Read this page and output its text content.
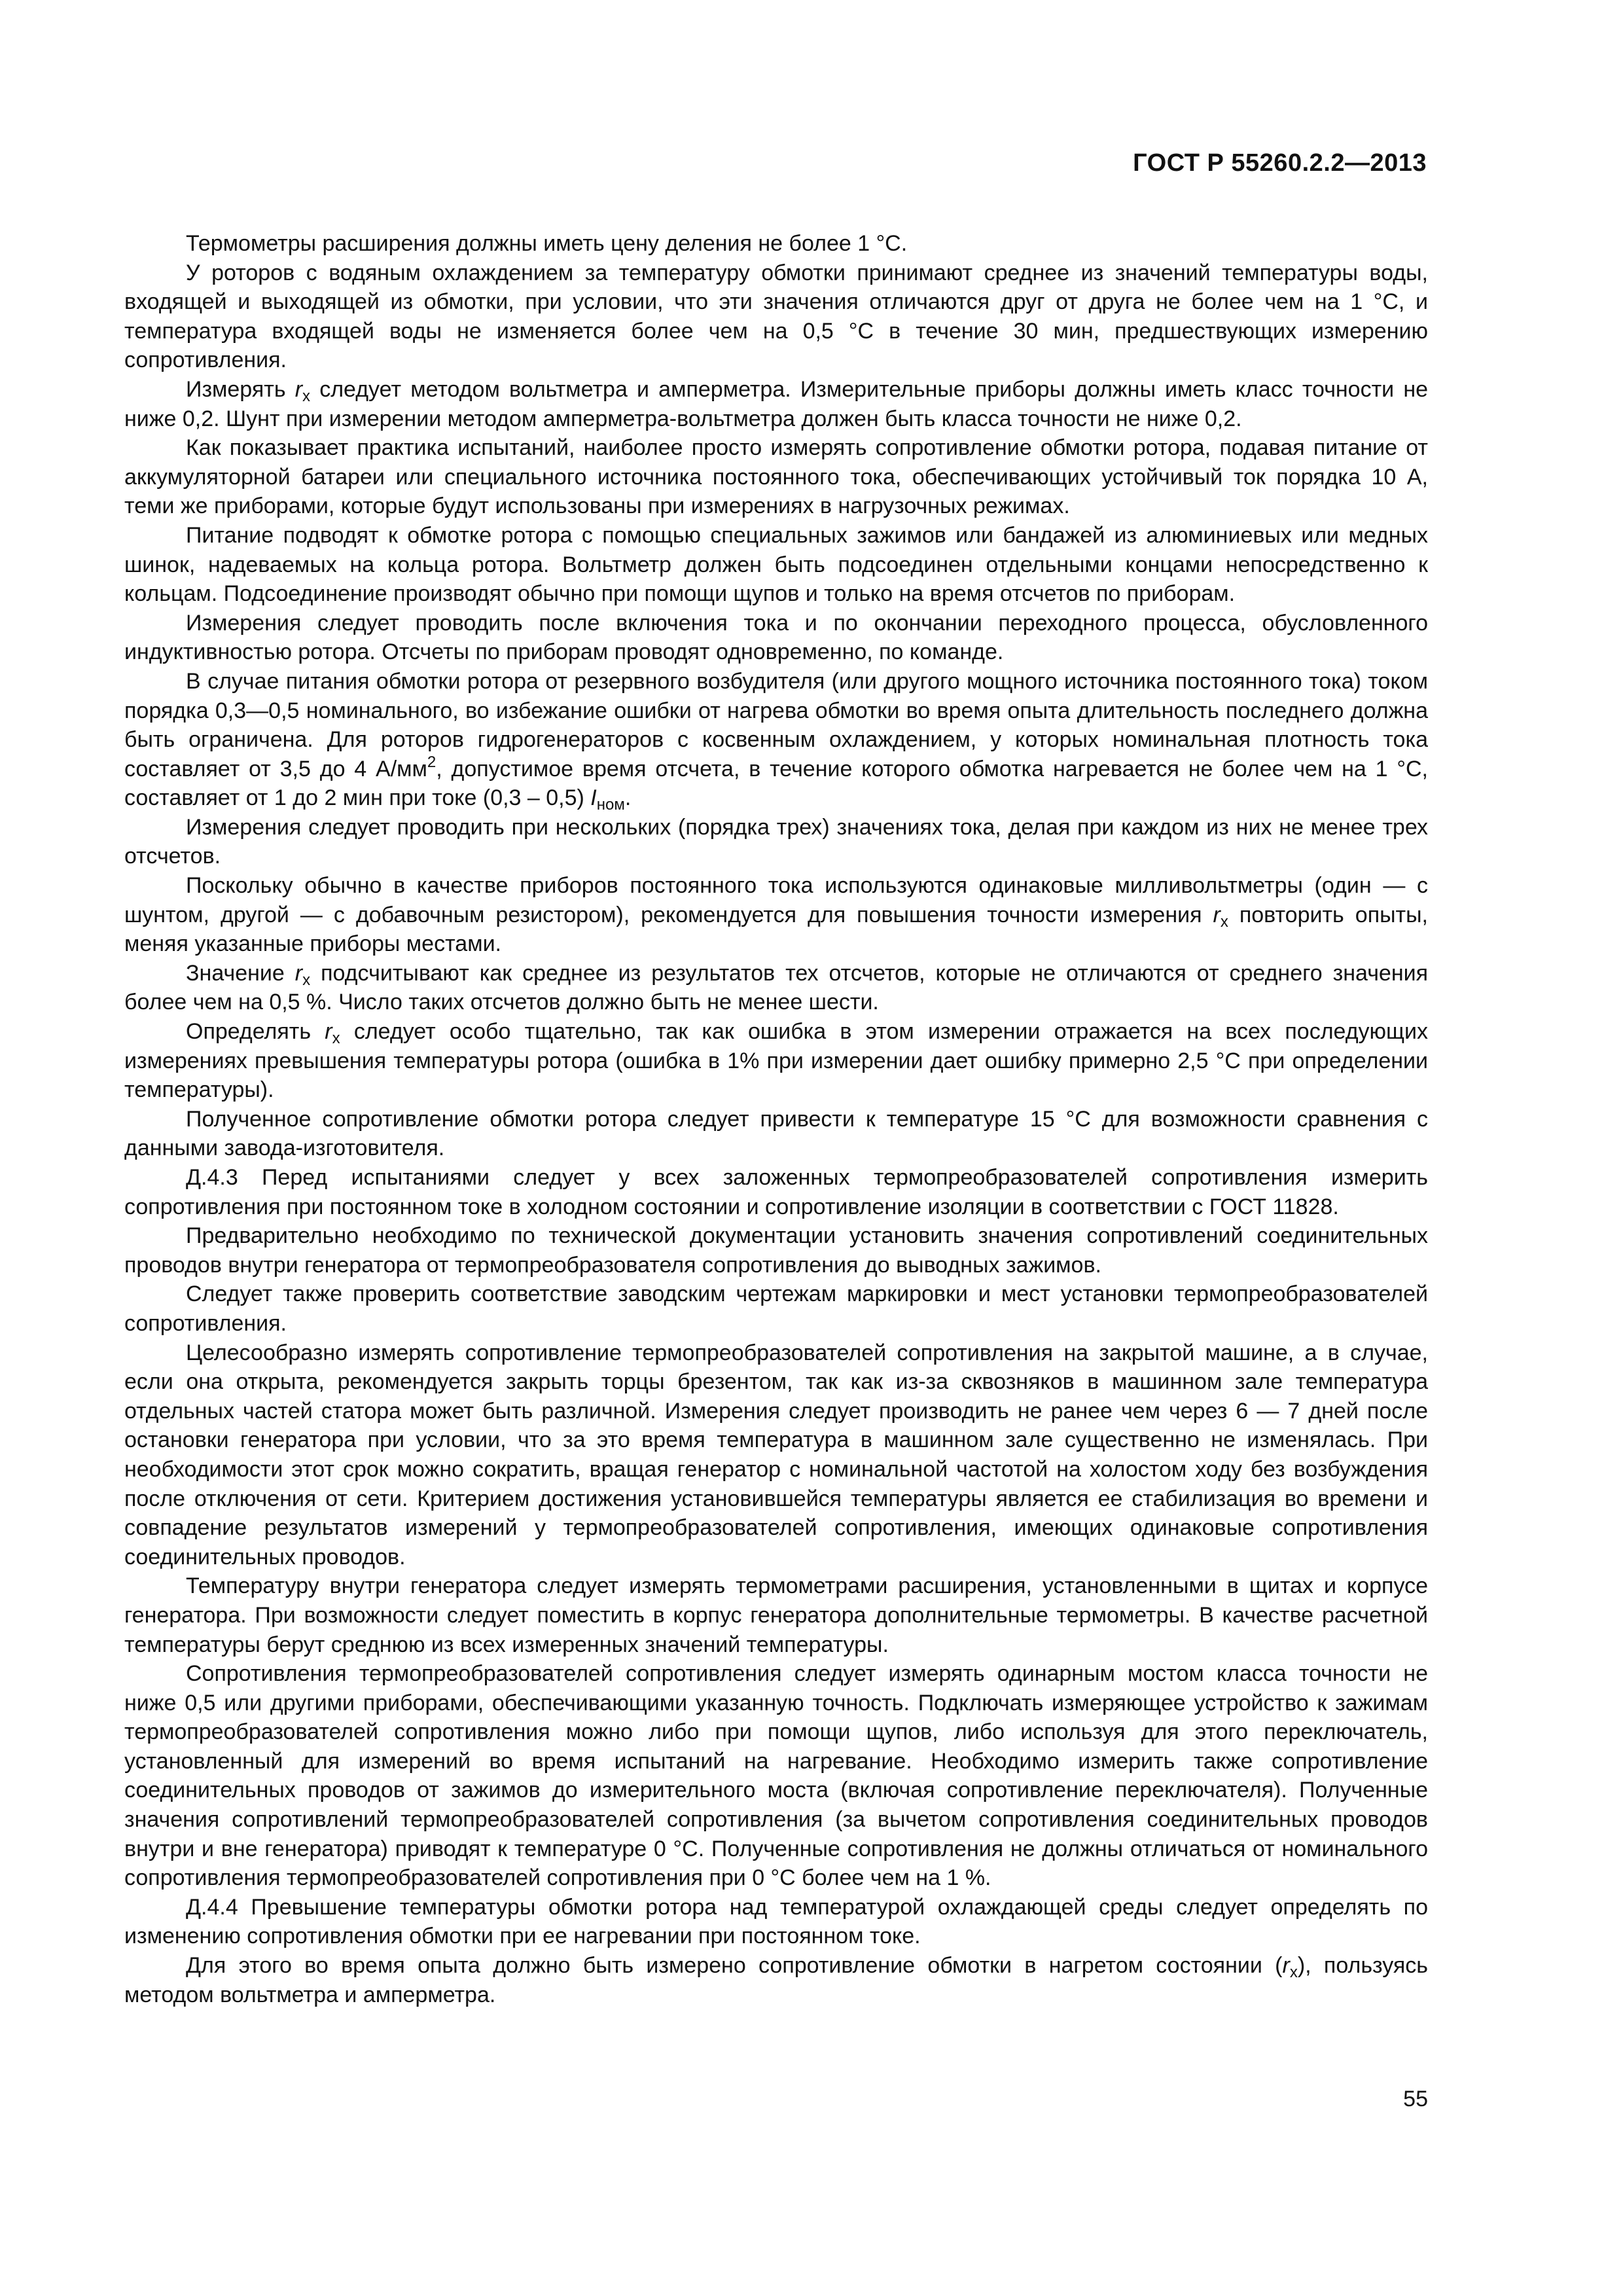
ГОСТ Р 55260.2.2—2013

Термометры расширения должны иметь цену деления не более 1 °С.

У роторов с водяным охлаждением за температуру обмотки принимают среднее из значений температуры воды, входящей и выходящей из обмотки, при условии, что эти значения отличаются друг от друга не более чем на 1 °С, и температура входящей воды не изменяется более чем на 0,5 °С в течение 30 мин, предшествующих измерению сопротивления.

Измерять $r_x$ следует методом вольтметра и амперметра. Измерительные приборы должны иметь класс точности не ниже 0,2. Шунт при измерении методом амперметра-вольтметра должен быть класса точности не ниже 0,2.

Как показывает практика испытаний, наиболее просто измерять сопротивление обмотки ротора, подавая питание от аккумуляторной батареи или специального источника постоянного тока, обеспечивающих устойчивый ток порядка 10 А, теми же приборами, которые будут использованы при измерениях в нагрузочных режимах.

Питание подводят к обмотке ротора с помощью специальных зажимов или бандажей из алюминиевых или медных шинок, надеваемых на кольца ротора. Вольтметр должен быть подсоединен отдельными концами непосредственно к кольцам. Подсоединение производят обычно при помощи щупов и только на время отсчетов по приборам.

Измерения следует проводить после включения тока и по окончании переходного процесса, обусловленного индуктивностью ротора. Отсчеты по приборам проводят одновременно, по команде.

В случае питания обмотки ротора от резервного возбудителя (или другого мощного источника постоянного тока) током порядка 0,3—0,5 номинального, во избежание ошибки от нагрева обмотки во время опыта длительность последнего должна быть ограничена. Для роторов гидрогенераторов с косвенным охлаждением, у которых номинальная плотность тока составляет от 3,5 до 4 $А/мм^2$, допустимое время отсчета, в течение которого обмотка нагревается не более чем на 1 °С, составляет от 1 до 2 мин при токе (0,3 – 0,5) $I_{ном}$.

Измерения следует проводить при нескольких (порядка трех) значениях тока, делая при каждом из них не менее трех отсчетов.

Поскольку обычно в качестве приборов постоянного тока используются одинаковые милливольтметры (один — с шунтом, другой — с добавочным резистором), рекомендуется для повышения точности измерения $r_x$ повторить опыты, меняя указанные приборы местами.

Значение $r_x$ подсчитывают как среднее из результатов тех отсчетов, которые не отличаются от среднего значения более чем на 0,5 %. Число таких отсчетов должно быть не менее шести.

Определять $r_x$ следует особо тщательно, так как ошибка в этом измерении отражается на всех последующих измерениях превышения температуры ротора (ошибка в 1% при измерении дает ошибку примерно 2,5 °С при определении температуры).

Полученное сопротивление обмотки ротора следует привести к температуре 15 °С для возможности сравнения с данными завода-изготовителя.

Д.4.3 Перед испытаниями следует у всех заложенных термопреобразователей сопротивления измерить сопротивления при постоянном токе в холодном состоянии и сопротивление изоляции в соответствии с ГОСТ 11828.

Предварительно необходимо по технической документации установить значения сопротивлений соединительных проводов внутри генератора от термопреобразователя сопротивления до выводных зажимов.

Следует также проверить соответствие заводским чертежам маркировки и мест установки термопреобразователей сопротивления.

Целесообразно измерять сопротивление термопреобразователей сопротивления на закрытой машине, а в случае, если она открыта, рекомендуется закрыть торцы брезентом, так как из-за сквозняков в машинном зале температура отдельных частей статора может быть различной. Измерения следует производить не ранее чем через 6 — 7 дней после остановки генератора при условии, что за это время температура в машинном зале существенно не изменялась. При необходимости этот срок можно сократить, вращая генератор с номинальной частотой на холостом ходу без возбуждения после отключения от сети. Критерием достижения установившейся температуры является ее стабилизация во времени и совпадение результатов измерений у термопреобразователей сопротивления, имеющих одинаковые сопротивления соединительных проводов.

Температуру внутри генератора следует измерять термометрами расширения, установленными в щитах и корпусе генератора. При возможности следует поместить в корпус генератора дополнительные термометры. В качестве расчетной температуры берут среднюю из всех измеренных значений температуры.

Сопротивления термопреобразователей сопротивления следует измерять одинарным мостом класса точности не ниже 0,5 или другими приборами, обеспечивающими указанную точность. Подключать измеряющее устройство к зажимам термопреобразователей сопротивления можно либо при помощи щупов, либо используя для этого переключатель, установленный для измерений во время испытаний на нагревание. Необходимо измерить также сопротивление соединительных проводов от зажимов до измерительного моста (включая сопротивление переключателя). Полученные значения сопротивлений термопреобразователей сопротивления (за вычетом сопротивления соединительных проводов внутри и вне генератора) приводят к температуре 0 °С. Полученные сопротивления не должны отличаться от номинального сопротивления термопреобразователей сопротивления при 0 °С более чем на 1 %.

Д.4.4 Превышение температуры обмотки ротора над температурой охлаждающей среды следует определять по изменению сопротивления обмотки при ее нагревании при постоянном токе.

Для этого во время опыта должно быть измерено сопротивление обмотки в нагретом состоянии $(r_x)$, пользуясь методом вольтметра и амперметра.

55
